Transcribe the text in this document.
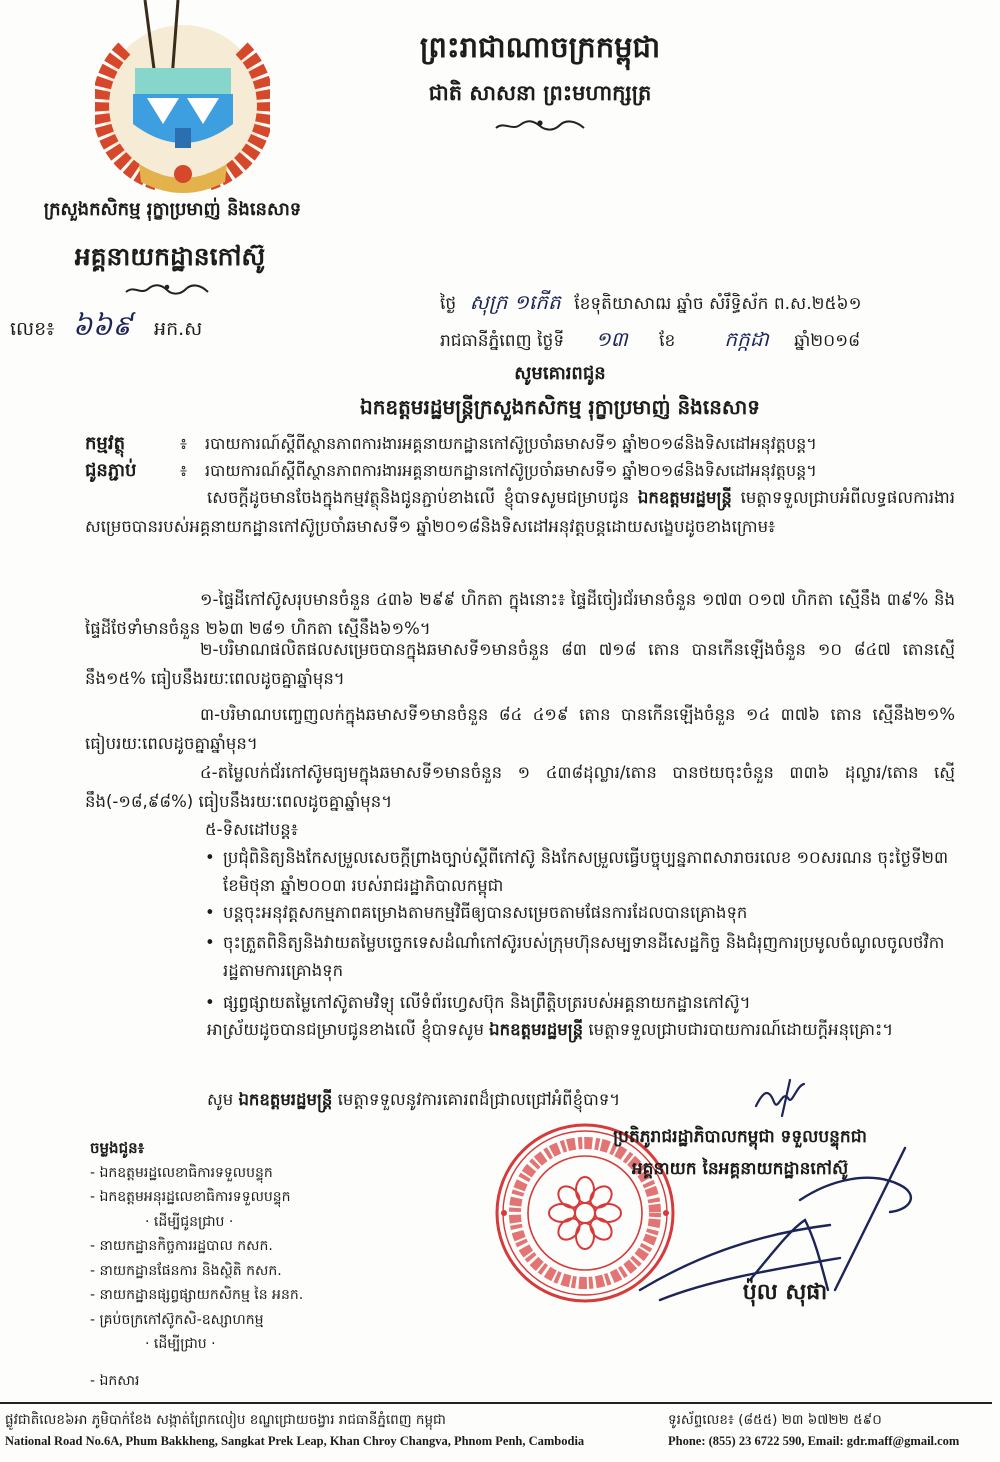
ព្រះរាជាណាចក្រកម្ពុជា
ជាតិ សាសនា ព្រះមហាក្សត្រ
ក្រសួងកសិកម្ម រុក្ខាប្រមាញ់ និងនេសាទ
អគ្គនាយកដ្ឋានកៅស៊ូ
លេខ៖ ៦៦៩ អក.ស
ថ្ងៃ សុក្រ ១កើត ខែទុតិយាសាឍ ឆ្នាំច សំរឹទ្ធិស័ក ព.ស.២៥៦១
រាជធានីភ្នំពេញ ថ្ងៃទី	១៣	ខែ	កក្កដា	ឆ្នាំ២០១៨
សូមគោរពជូន
ឯកឧត្តមរដ្ឋមន្ត្រីក្រសួងកសិកម្ម រុក្ខាប្រមាញ់ និងនេសាទ
កម្មវត្ថុ	៖	របាយការណ៍ស្តីពីស្ថានភាពការងារអគ្គនាយកដ្ឋានកៅស៊ូប្រចាំឆមាសទី១ ឆ្នាំ២០១៨និងទិសដៅអនុវត្តបន្ត។
ជូនភ្ជាប់	៖	របាយការណ៍ស្តីពីស្ថានភាពការងារអគ្គនាយកដ្ឋានកៅស៊ូប្រចាំឆមាសទី១ ឆ្នាំ២០១៨និងទិសដៅអនុវត្តបន្ត។
សេចក្តីដូចមានចែងក្នុងកម្មវត្ថុនិងជូនភ្ជាប់ខាងលើ ខ្ញុំបាទសូមជម្រាបជូន ឯកឧត្តមរដ្ឋមន្ត្រី មេត្តាទទួលជ្រាបអំពីលទ្ធផលការងារសម្រេចបានរបស់អគ្គនាយកដ្ឋានកៅស៊ូប្រចាំឆមាសទី១ ឆ្នាំ២០១៨និងទិសដៅអនុវត្តបន្តដោយសង្ខេបដូចខាងក្រោម៖
១-ផ្ទៃដីកៅស៊ូសរុបមានចំនួន ៤៣៦ ២៩៩ ហិកតា ក្នុងនោះ៖ ផ្ទៃដីចៀរជ័រមានចំនួន ១៧៣ ០១៧ ហិកតា ស្មើនឹង ៣៩% និងផ្ទៃដីថែទាំមានចំនួន ២៦៣ ២៨១ ហិកតា ស្មើនឹង៦១%។
២-បរិមាណផលិតផលសម្រេចបានក្នុងឆមាសទី១មានចំនួន ៨៣ ៧១៨ តោន បានកើនឡើងចំនួន ១០ ៨៤៧ តោនស្មើនឹង១៥% ធៀបនឹងរយៈពេលដូចគ្នាឆ្នាំមុន។
៣-បរិមាណបញ្ចេញលក់ក្នុងឆមាសទី១មានចំនួន ៨៤ ៤១៩ តោន បានកើនឡើងចំនួន ១៤ ៣៧៦ តោន ស្មើនឹង២១% ធៀបរយៈពេលដូចគ្នាឆ្នាំមុន។
៤-តម្លៃលក់ជ័រកៅស៊ូមធ្យមក្នុងឆមាសទី១មានចំនួន ១ ៤៣៨ដុល្លារ/តោន បានថយចុះចំនួន ៣៣៦ ដុល្លារ/តោន ស្មើនឹង(-១៨,៩៨%) ធៀបនឹងរយៈពេលដូចគ្នាឆ្នាំមុន។
៥-ទិសដៅបន្ត៖
• ប្រជុំពិនិត្យនិងកែសម្រួលសេចក្តីព្រាងច្បាប់ស្តីពីកៅស៊ូ និងកែសម្រួលធ្វើបច្ចុប្បន្នភាពសារាចរលេខ ១០សរណន ចុះថ្ងៃទី២៣ ខែមិថុនា ឆ្នាំ២០០៣ របស់រាជរដ្ឋាភិបាលកម្ពុជា
• បន្តចុះអនុវត្តសកម្មភាពគម្រោងតាមកម្មវិធីឲ្យបានសម្រេចតាមផែនការដែលបានគ្រោងទុក
• ចុះត្រួតពិនិត្យនិងវាយតម្លៃបច្ចេកទេសដំណាំកៅស៊ូរបស់ក្រុមហ៊ុនសម្បទានដីសេដ្ឋកិច្ច និងជំរុញការប្រមូលចំណូលចូលថវិការដ្ឋតាមការគ្រោងទុក
• ផ្សព្វផ្សាយតម្លៃកៅស៊ូតាមវិទ្យុ លើទំព័រហ្វេសប៊ុក និងព្រឹត្តិបត្ររបស់អគ្គនាយកដ្ឋានកៅស៊ូ។
អាស្រ័យដូចបានជម្រាបជូនខាងលើ ខ្ញុំបាទសូម ឯកឧត្តមរដ្ឋមន្ត្រី មេត្តាទទួលជ្រាបជារបាយការណ៍ដោយក្តីអនុគ្រោះ។
សូម ឯកឧត្តមរដ្ឋមន្ត្រី មេត្តាទទួលនូវការគោរពដ៏ជ្រាលជ្រៅអំពីខ្ញុំបាទ។
ប្រតិភូរាជរដ្ឋាភិបាលកម្ពុជា ទទួលបន្ទុកជា
អគ្គនាយក នៃអគ្គនាយកដ្ឋានកៅស៊ូ
ប៉ុល សុផា
ចម្លងជូន៖
- ឯកឧត្តមរដ្ឋលេខាធិការទទួលបន្ទុក
- ឯកឧត្តមអនុរដ្ឋលេខាធិការទទួលបន្ទុក
· ដើម្បីជូនជ្រាប ·
- នាយកដ្ឋានកិច្ចការរដ្ឋបាល កសក.
- នាយកដ្ឋានផែនការ និងស្ថិតិ កសក.
- នាយកដ្ឋានផ្សព្វផ្សាយកសិកម្ម នៃ អនក.
- គ្រប់ចក្រកៅស៊ូកសិ-ឧស្សាហកម្ម
· ដើម្បីជ្រាប ·
- ឯកសារ
ផ្លូវជាតិលេខ៦អា ភូមិបាក់ខែង សង្កាត់ព្រែកលៀប ខណ្ឌជ្រោយចង្វារ រាជធានីភ្នំពេញ កម្ពុជា
National Road No.6A, Phum Bakkheng, Sangkat Prek Leap, Khan Chroy Changva, Phnom Penh, Cambodia
ទូរស័ព្ទលេខ៖ (៨៥៥) ២៣ ៦៧២២ ៥៩០
Phone: (855) 23 6722 590, Email: gdr.maff@gmail.com
